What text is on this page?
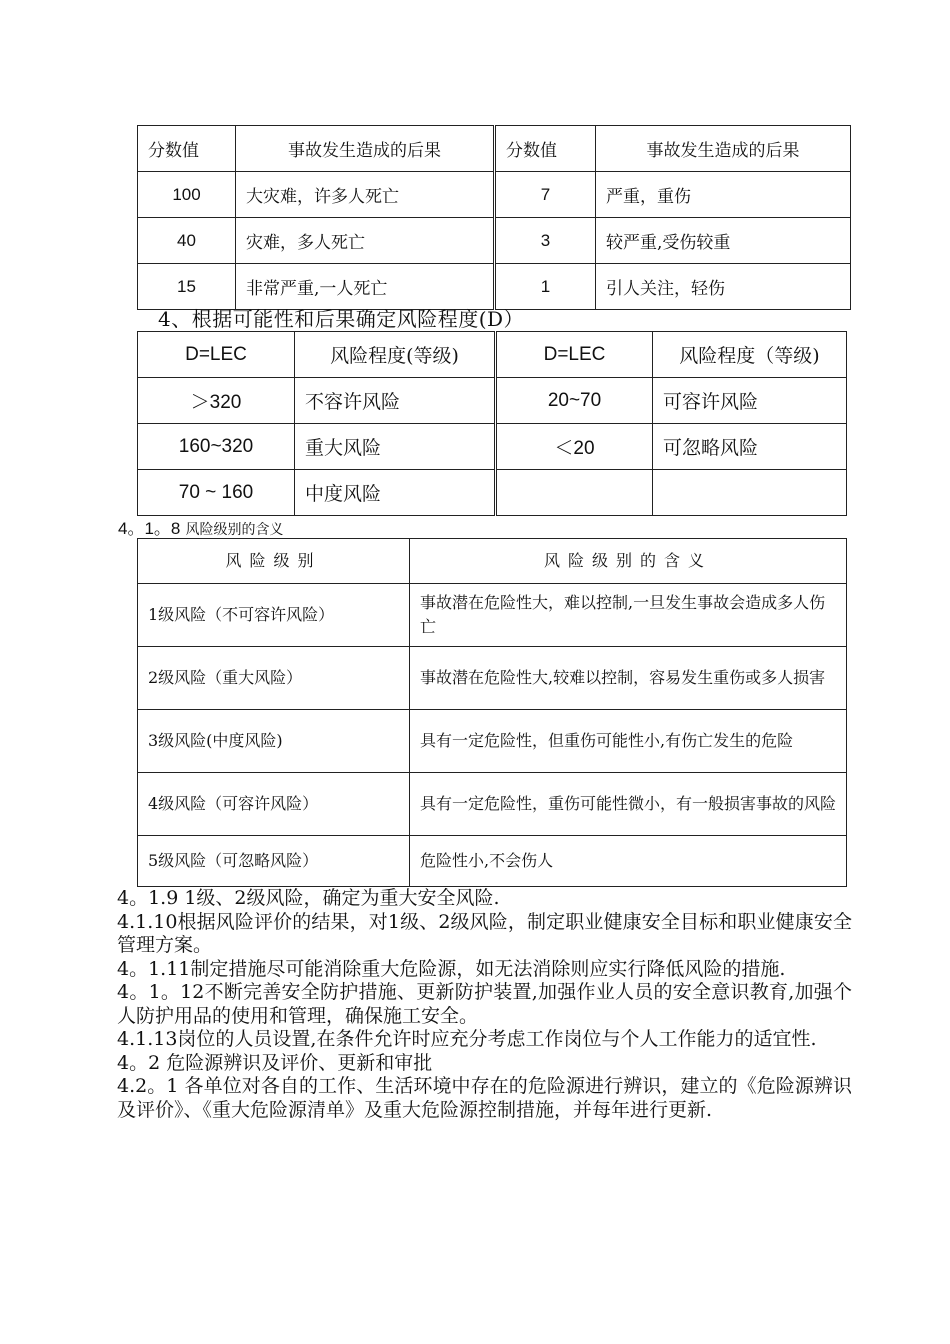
分数值	事故发生造成的后果	分数值	事故发生造成的后果
100	大灾难，许多人死亡	7	严重，重伤
40	灾难，多人死亡	3	较严重,受伤较重
15	非常严重,一人死亡	1	引人关注，轻伤
4、根据可能性和后果确定风险程度(D）
D=LEC	风险程度(等级)	D=LEC	风险程度（等级)
＞320	不容许风险	20~70	可容许风险
160~320	重大风险	＜20	可忽略风险
70 ~ 160	中度风险		
4。1。8 风险级别的含义
风险级别	风险级别的含义
1级风险（不可容许风险）	事故潜在危险性大，难以控制,一旦发生事故会造成多人伤亡
2级风险（重大风险）	事故潜在危险性大,较难以控制，容易发生重伤或多人损害
3级风险(中度风险)	具有一定危险性，但重伤可能性小,有伤亡发生的危险
4级风险（可容许风险）	具有一定危险性，重伤可能性微小，有一般损害事故的风险
5级风险（可忽略风险）	危险性小,不会伤人

4。1.9 1级、2级风险，确定为重大安全风险.

4.1.10根据风险评价的结果，对1级、2级风险，制定职业健康安全目标和职业健康安全管理方案。

4。1.11制定措施尽可能消除重大危险源，如无法消除则应实行降低风险的措施.

4。1。12不断完善安全防护措施、更新防护装置,加强作业人员的安全意识教育,加强个人防护用品的使用和管理，确保施工安全。

4.1.13岗位的人员设置,在条件允许时应充分考虑工作岗位与个人工作能力的适宜性.

4。2 危险源辨识及评价、更新和审批

4.2。1 各单位对各自的工作、生活环境中存在的危险源进行辨识，建立的《危险源辨识及评价》、《重大危险源清单》及重大危险源控制措施，并每年进行更新.
